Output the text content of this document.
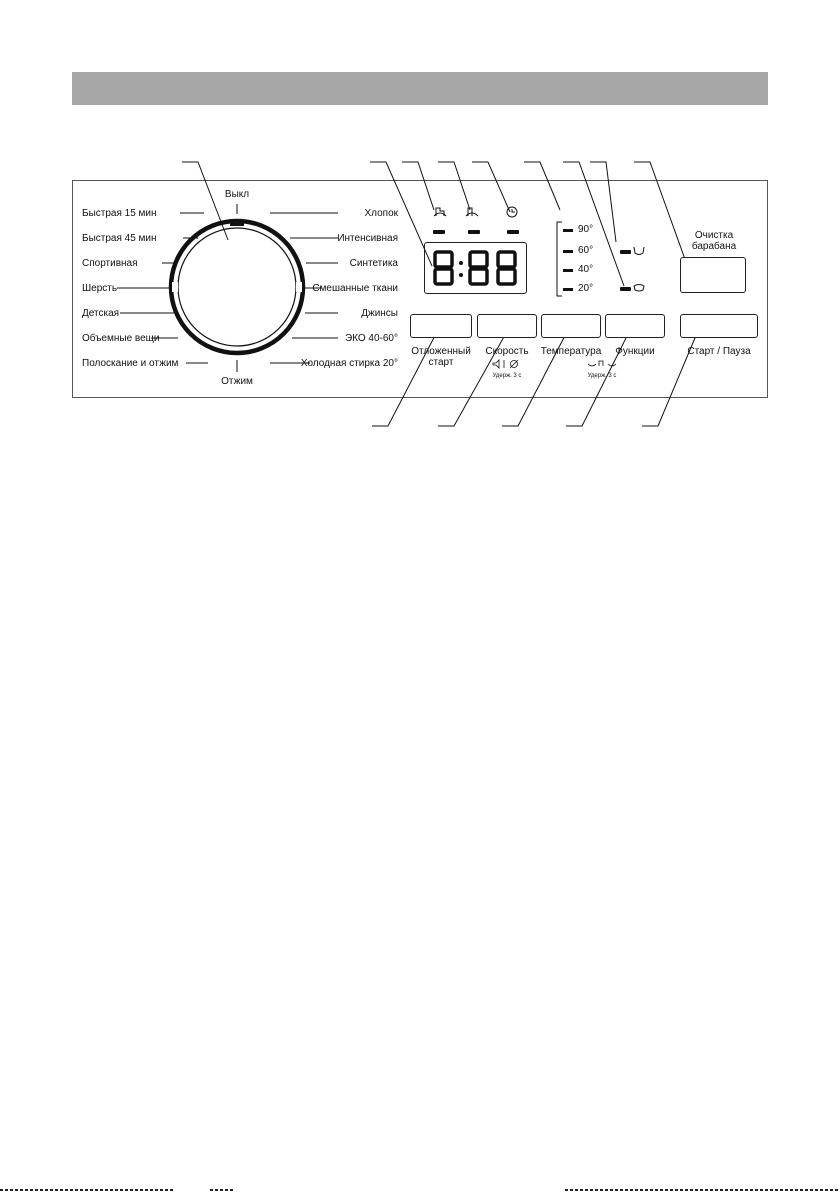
Выкл
Отжим
Быстрая 15 мин
Быстрая 45 мин
Спортивная
Шерсть
Детская
Объемные вещи
Полоскание и отжим
Хлопок
Интенсивная
Синтетика
Смешанные ткани
Джинсы
ЭКО 40-60°
Холодная стирка 20°
90°
60°
40°
20°
Очистка
барабана
Отложенный
старт
Скорость
Удерж. 3 с
Температура	Функции
Удерж. 3 с
Старт / Пауза
